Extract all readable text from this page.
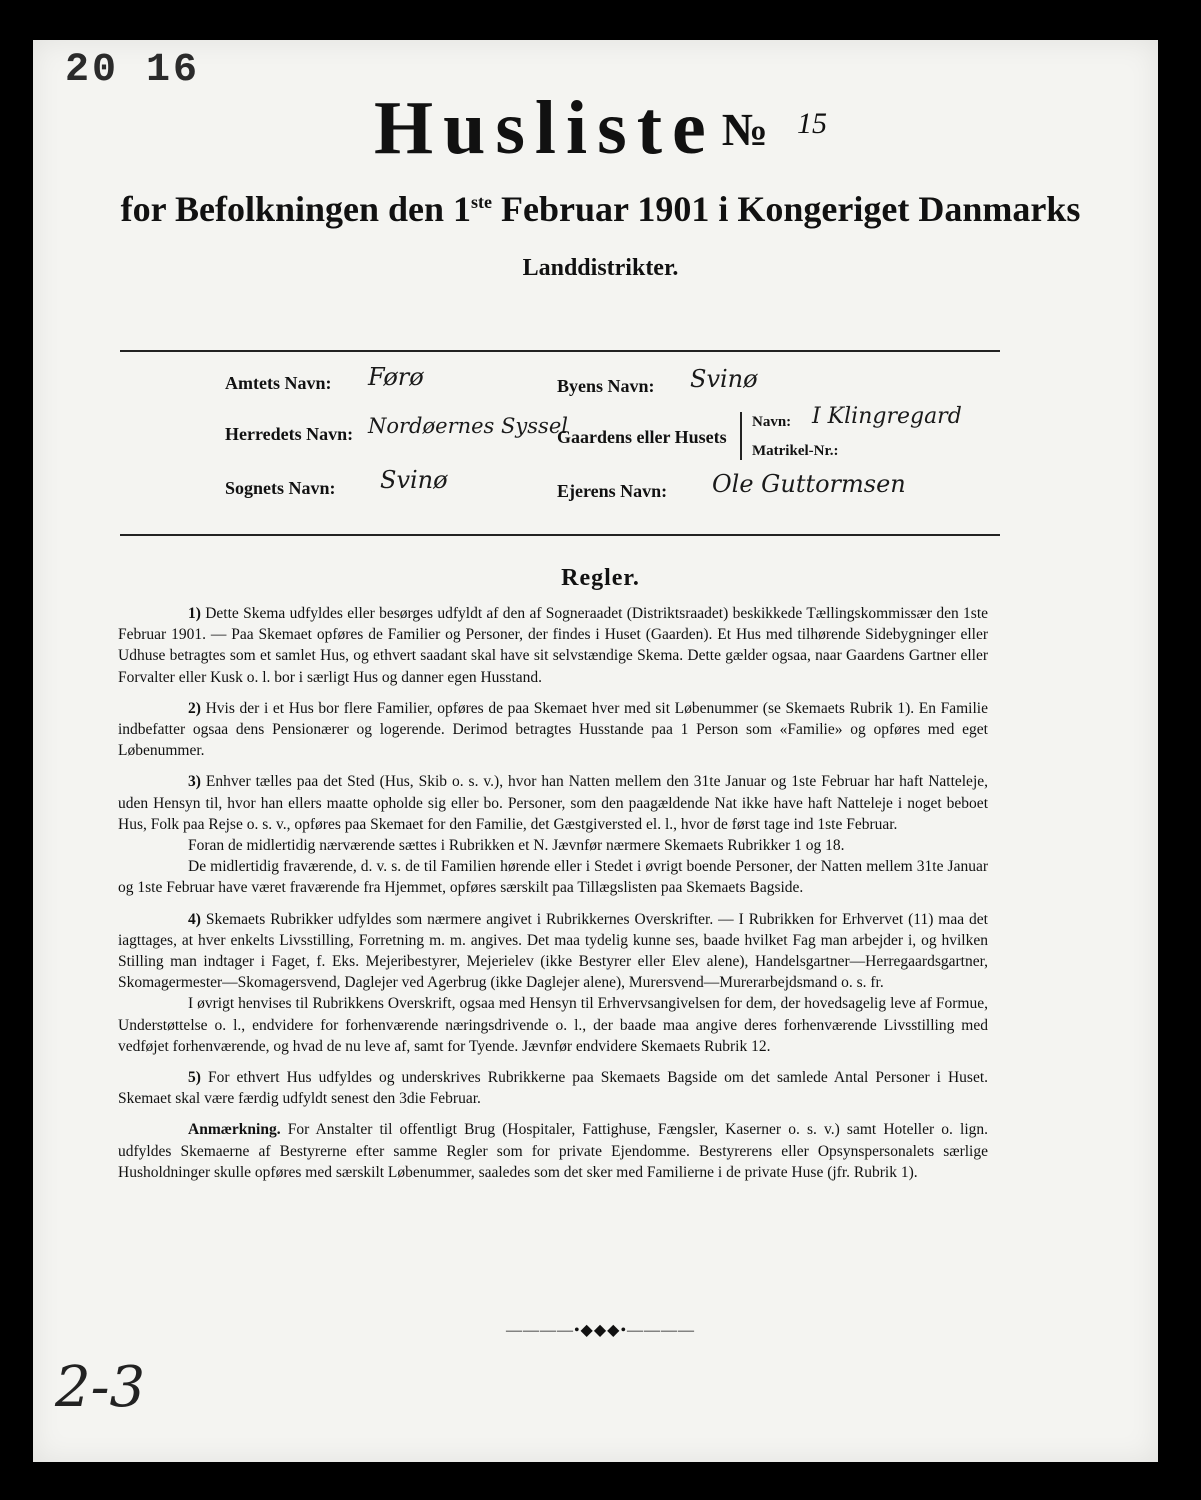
20 16
Husliste № $^{15}$
for Befolkningen den 1ste Februar 1901 i Kongeriget Danmarks
Landdistrikter.
Amtets Navn: Førø	Byens Navn: Svinø
Herredets Navn: Nordøernes Syssel
Gaardens eller Husets
Navn: I Klingregard
Matrikel-Nr.:
Sognets Navn: Svinø	Ejerens Navn: Ole Guttormsen
Regler.

1) Dette Skema udfyldes eller besørges udfyldt af den af Sogneraadet (Distriktsraadet) beskikkede Tællingskommissær den 1ste Februar 1901. — Paa Skemaet opføres de Familier og Personer, der findes i Huset (Gaarden). Et Hus med tilhørende Sidebygninger eller Udhuse betragtes som et samlet Hus, og ethvert saadant skal have sit selvstændige Skema. Dette gælder ogsaa, naar Gaardens Gartner eller Forvalter eller Kusk o. l. bor i særligt Hus og danner egen Husstand.

2) Hvis der i et Hus bor flere Familier, opføres de paa Skemaet hver med sit Løbenummer (se Skemaets Rubrik 1). En Familie indbefatter ogsaa dens Pensionærer og logerende. Derimod betragtes Husstande paa 1 Person som «Familie» og opføres med eget Løbenummer.

3) Enhver tælles paa det Sted (Hus, Skib o. s. v.), hvor han Natten mellem den 31te Januar og 1ste Februar har haft Natteleje, uden Hensyn til, hvor han ellers maatte opholde sig eller bo. Personer, som den paagældende Nat ikke have haft Natteleje i noget beboet Hus, Folk paa Rejse o. s. v., opføres paa Skemaet for den Familie, det Gæstgiversted el. l., hvor de først tage ind 1ste Februar.

Foran de midlertidig nærværende sættes i Rubrikken et N. Jævnfør nærmere Skemaets Rubrikker 1 og 18.

De midlertidig fraværende, d. v. s. de til Familien hørende eller i Stedet i øvrigt boende Personer, der Natten mellem 31te Januar og 1ste Februar have været fraværende fra Hjemmet, opføres særskilt paa Tillægslisten paa Skemaets Bagside.

4) Skemaets Rubrikker udfyldes som nærmere angivet i Rubrikkernes Overskrifter. — I Rubrikken for Erhvervet (11) maa det iagttages, at hver enkelts Livsstilling, Forretning m. m. angives. Det maa tydelig kunne ses, baade hvilket Fag man arbejder i, og hvilken Stilling man indtager i Faget, f. Eks. Mejeribestyrer, Mejerielev (ikke Bestyrer eller Elev alene), Handelsgartner—Herregaardsgartner, Skomagermester—Skomagersvend, Daglejer ved Agerbrug (ikke Daglejer alene), Murersvend—Murerarbejdsmand o. s. fr.

I øvrigt henvises til Rubrikkens Overskrift, ogsaa med Hensyn til Erhvervsangivelsen for dem, der hovedsagelig leve af Formue, Understøttelse o. l., endvidere for forhenværende næringsdrivende o. l., der baade maa angive deres forhenværende Livsstilling med vedføjet forhenværende, og hvad de nu leve af, samt for Tyende. Jævnfør endvidere Skemaets Rubrik 12.

5) For ethvert Hus udfyldes og underskrives Rubrikkerne paa Skemaets Bagside om det samlede Antal Personer i Huset. Skemaet skal være færdig udfyldt senest den 3die Februar.

Anmærkning. For Anstalter til offentligt Brug (Hospitaler, Fattighuse, Fængsler, Kaserner o. s. v.) samt Hoteller o. lign. udfyldes Skemaerne af Bestyrerne efter samme Regler som for private Ejendomme. Bestyrerens eller Opsynspersonalets særlige Husholdninger skulle opføres med særskilt Løbenummer, saaledes som det sker med Familierne i de private Huse (jfr. Rubrik 1).

————•◆◆◆•————
2-3
